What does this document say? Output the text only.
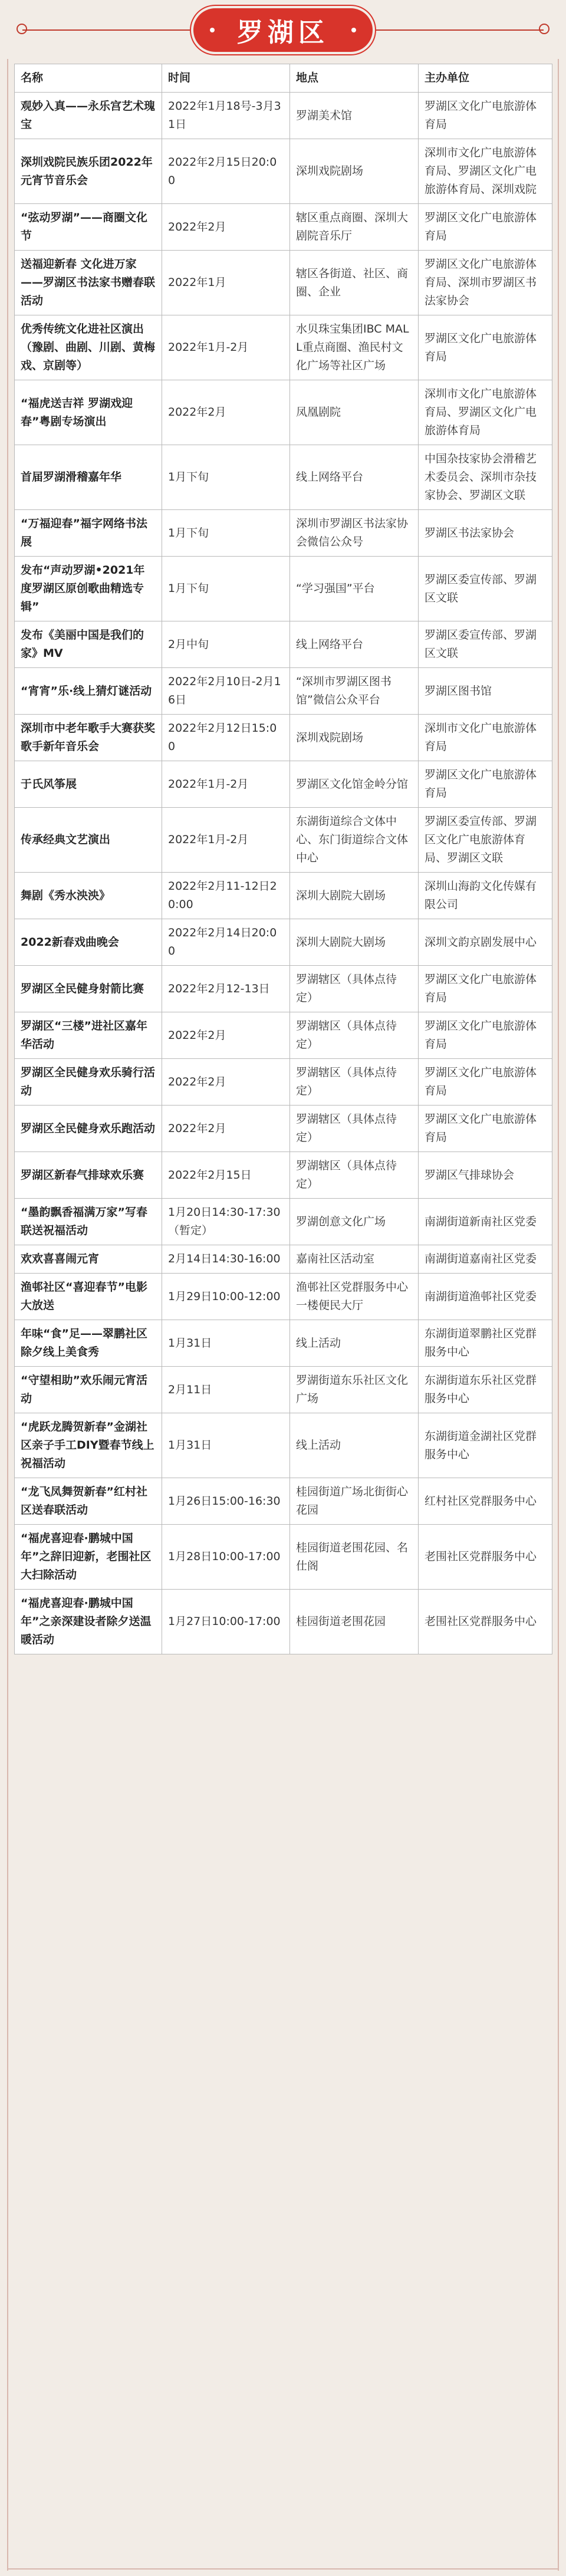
罗湖区
名称	时间	地点	主办单位
观妙入真——永乐宫艺术瑰宝	2022年1月18号-3月31日	罗湖美术馆	罗湖区文化广电旅游体育局
深圳戏院民族乐团2022年元宵节音乐会	2022年2月15日20:00	深圳戏院剧场	深圳市文化广电旅游体育局、罗湖区文化广电旅游体育局、深圳戏院
“弦动罗湖”——商圈文化节	2022年2月	辖区重点商圈、深圳大剧院音乐厅	罗湖区文化广电旅游体育局
送福迎新春 文化进万家——罗湖区书法家书赠春联活动	2022年1月	辖区各街道、社区、商圈、企业	罗湖区文化广电旅游体育局、深圳市罗湖区书法家协会
优秀传统文化进社区演出（豫剧、曲剧、川剧、黄梅戏、京剧等）	2022年1月-2月	水贝珠宝集团IBC MALL重点商圈、渔民村文化广场等社区广场	罗湖区文化广电旅游体育局
“福虎送吉祥 罗湖戏迎春”粤剧专场演出	2022年2月	凤凰剧院	深圳市文化广电旅游体育局、罗湖区文化广电旅游体育局
首届罗湖滑稽嘉年华	1月下旬	线上网络平台	中国杂技家协会滑稽艺术委员会、深圳市杂技家协会、罗湖区文联
“万福迎春”福字网络书法展	1月下旬	深圳市罗湖区书法家协会微信公众号	罗湖区书法家协会
发布“声动罗湖•2021年度罗湖区原创歌曲精选专辑”	1月下旬	“学习强国”平台	罗湖区委宣传部、罗湖区文联
发布《美丽中国是我们的家》MV	2月中旬	线上网络平台	罗湖区委宣传部、罗湖区文联
“宵宵”乐·线上猜灯谜活动	2022年2月10日-2月16日	“深圳市罗湖区图书馆”微信公众平台	罗湖区图书馆
深圳市中老年歌手大赛获奖歌手新年音乐会	2022年2月12日15:00	深圳戏院剧场	深圳市文化广电旅游体育局
于氏风筝展	2022年1月-2月	罗湖区文化馆金岭分馆	罗湖区文化广电旅游体育局
传承经典文艺演出	2022年1月-2月	东湖街道综合文体中心、东门街道综合文体中心	罗湖区委宣传部、罗湖区文化广电旅游体育局、罗湖区文联
舞剧《秀水泱泱》	2022年2月11-12日20:00	深圳大剧院大剧场	深圳山海韵文化传媒有限公司
2022新春戏曲晚会	2022年2月14日20:00	深圳大剧院大剧场	深圳文韵京剧发展中心
罗湖区全民健身射箭比赛	2022年2月12-13日	罗湖辖区（具体点待定）	罗湖区文化广电旅游体育局
罗湖区“三楼”进社区嘉年华活动	2022年2月	罗湖辖区（具体点待定）	罗湖区文化广电旅游体育局
罗湖区全民健身欢乐骑行活动	2022年2月	罗湖辖区（具体点待定）	罗湖区文化广电旅游体育局
罗湖区全民健身欢乐跑活动	2022年2月	罗湖辖区（具体点待定）	罗湖区文化广电旅游体育局
罗湖区新春气排球欢乐赛	2022年2月15日	罗湖辖区（具体点待定）	罗湖区气排球协会
“墨韵飘香福满万家”写春联送祝福活动	1月20日14:30-17:30（暂定）	罗湖创意文化广场	南湖街道新南社区党委
欢欢喜喜闹元宵	2月14日14:30-16:00	嘉南社区活动室	南湖街道嘉南社区党委
渔邨社区“喜迎春节”电影大放送	1月29日10:00-12:00	渔邨社区党群服务中心一楼便民大厅	南湖街道渔邨社区党委
年味“食”足——翠鹏社区除夕线上美食秀	1月31日	线上活动	东湖街道翠鹏社区党群服务中心
“守望相助”欢乐闹元宵活动	2月11日	罗湖街道东乐社区文化广场	东湖街道东乐社区党群服务中心
“虎跃龙腾贺新春”金湖社区亲子手工DIY暨春节线上祝福活动	1月31日	线上活动	东湖街道金湖社区党群服务中心
“龙飞凤舞贺新春”红村社区送春联活动	1月26日15:00-16:30	桂园街道广场北街街心花园	红村社区党群服务中心
“福虎喜迎春·鹏城中国年”之辞旧迎新，老围社区大扫除活动	1月28日10:00-17:00	桂园街道老围花园、名仕阁	老围社区党群服务中心
“福虎喜迎春·鹏城中国年”之亲深建设者除夕送温暖活动	1月27日10:00-17:00	桂园街道老围花园	老围社区党群服务中心
